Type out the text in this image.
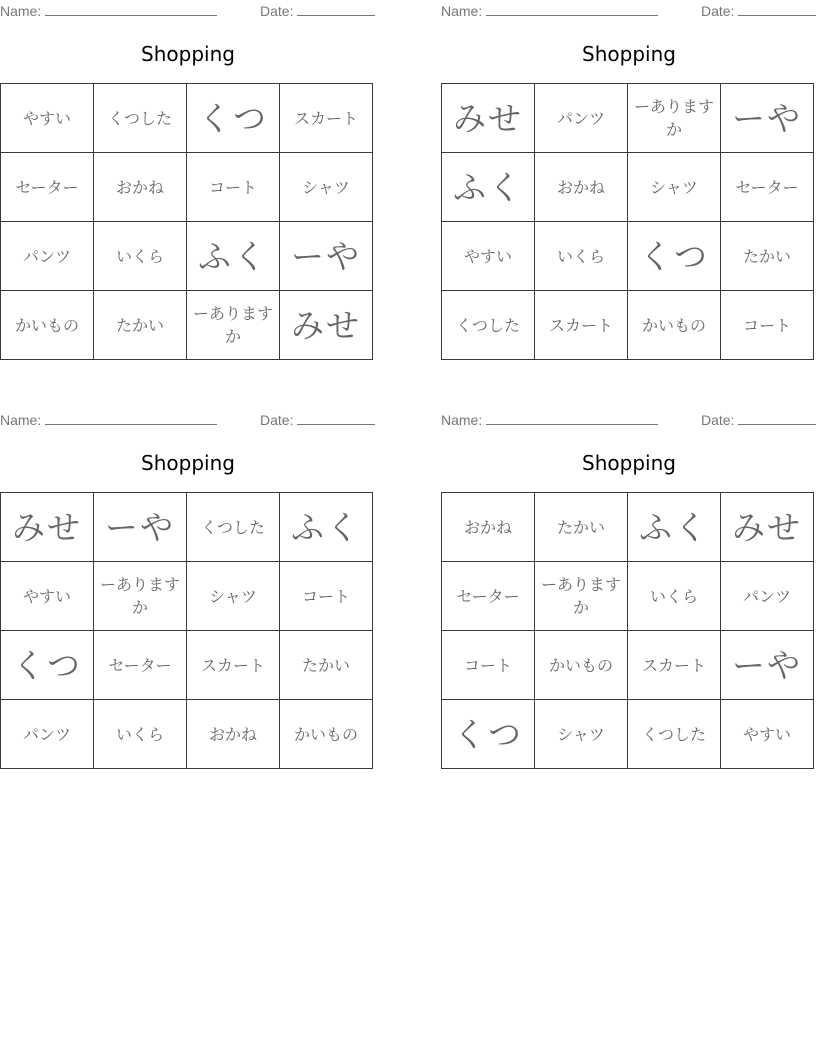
Name:	Date:
Shopping
やすい	くつした	くつ	スカート
セーター	おかね	コート	シャツ
パンツ	いくら	ふく	ーや
かいもの	たかい	ーありますか	みせ
Name:	Date:
Shopping
みせ	パンツ	ーありますか	ーや
ふく	おかね	シャツ	セーター
やすい	いくら	くつ	たかい
くつした	スカート	かいもの	コート
Name:	Date:
Shopping
みせ	ーや	くつした	ふく
やすい	ーありますか	シャツ	コート
くつ	セーター	スカート	たかい
パンツ	いくら	おかね	かいもの
Name:	Date:
Shopping
おかね	たかい	ふく	みせ
セーター	ーありますか	いくら	パンツ
コート	かいもの	スカート	ーや
くつ	シャツ	くつした	やすい
